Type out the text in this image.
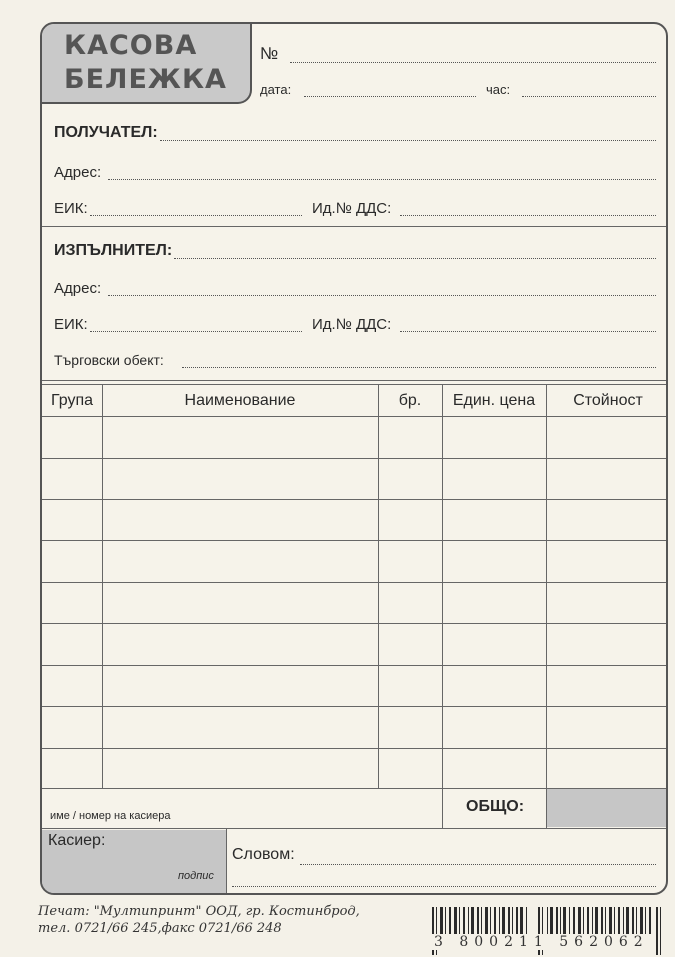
КАСОВА
БЕЛЕЖКА
№
дата:	час:
ПОЛУЧАТЕЛ:
Адрес:
ЕИК:	Ид.№ ДДС:
ИЗПЪЛНИТЕЛ:
Адрес:
ЕИК:	Ид.№ ДДС:
Търговски обект:
Група	Наименование	бр.	Един. цена	Стойност
име / номер на касиера
ОБЩО:
Касиер:
подпис
Словом:
Печат: "Мултипринт" ООД, гр. Костинброд,
тел. 0721/66 245,факс 0721/66 248
3 800211 562062
